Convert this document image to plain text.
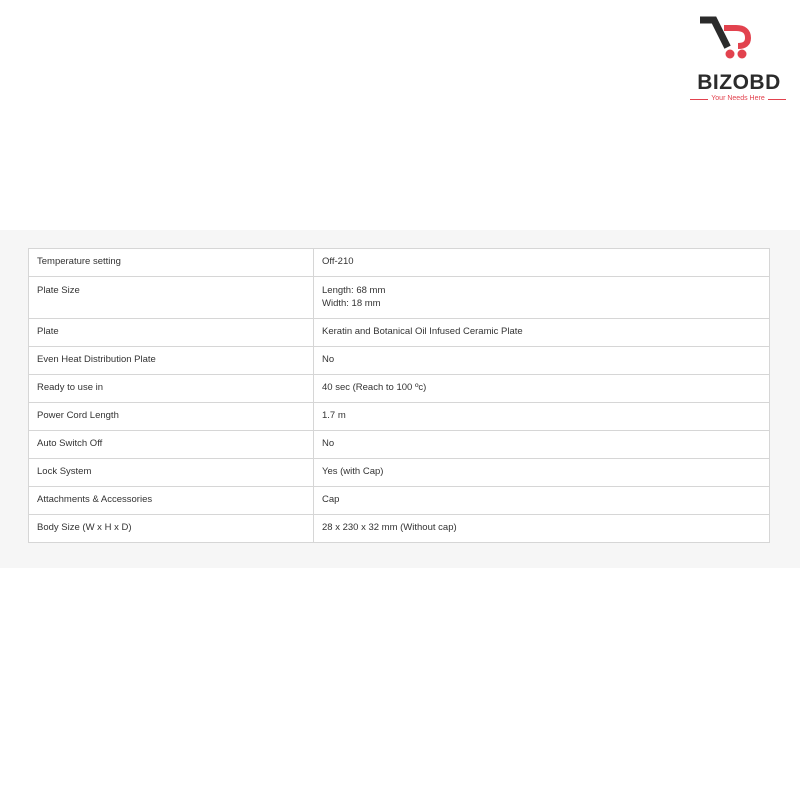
BIZOBD
Your Needs Here
Temperature setting	Off-210

Plate Size	Length: 68 mm
Width: 18 mm

Plate	Keratin and Botanical Oil Infused Ceramic Plate

Even Heat Distribution Plate	No

Ready to use in	40 sec (Reach to 100 ºc)

Power Cord Length	1.7 m

Auto Switch Off	No

Lock System	Yes (with Cap)

Attachments & Accessories	Cap

Body Size (W x H x D)	28 x 230 x 32 mm (Without cap)
